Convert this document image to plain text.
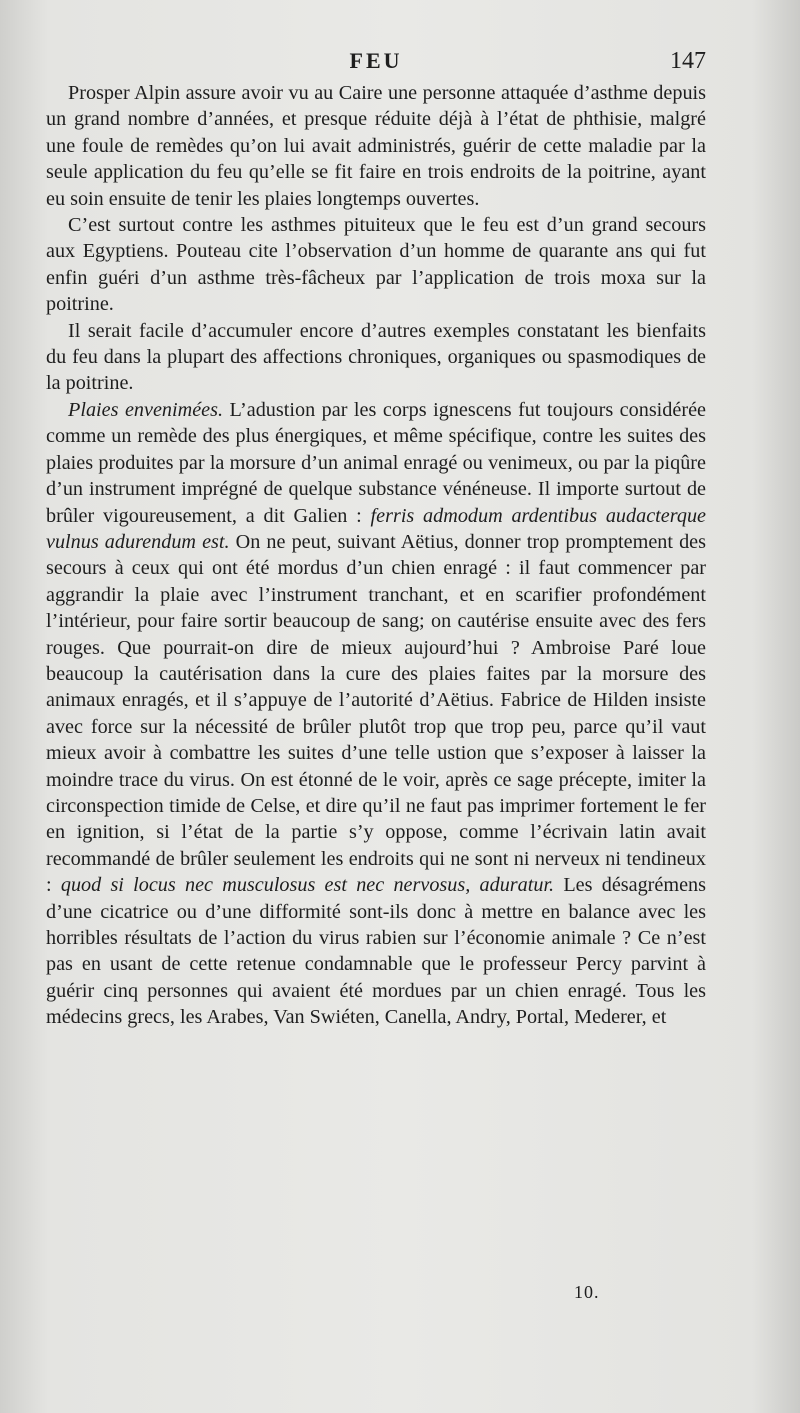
FEU	147

Prosper Alpin assure avoir vu au Caire une personne attaquée d’asthme depuis un grand nombre d’années, et presque réduite déjà à l’état de phthisie, malgré une foule de remèdes qu’on lui avait administrés, guérir de cette maladie par la seule application du feu qu’elle se fit faire en trois endroits de la poitrine, ayant eu soin ensuite de tenir les plaies longtemps ouvertes.

C’est surtout contre les asthmes pituiteux que le feu est d’un grand secours aux Egyptiens. Pouteau cite l’observation d’un homme de quarante ans qui fut enfin guéri d’un asthme très-fâcheux par l’application de trois moxa sur la poitrine.

Il serait facile d’accumuler encore d’autres exemples constatant les bienfaits du feu dans la plupart des affections chroniques, organiques ou spasmodiques de la poitrine.

Plaies envenimées. L’adustion par les corps ignescens fut toujours considérée comme un remède des plus énergiques, et même spécifique, contre les suites des plaies produites par la morsure d’un animal enragé ou venimeux, ou par la piqûre d’un instrument imprégné de quelque substance vénéneuse. Il importe surtout de brûler vigoureusement, a dit Galien : ferris admodum ardentibus audacterque vulnus adurendum est. On ne peut, suivant Aëtius, donner trop promptement des secours à ceux qui ont été mordus d’un chien enragé : il faut commencer par aggrandir la plaie avec l’instrument tranchant, et en scarifier profondément l’intérieur, pour faire sortir beaucoup de sang; on cautérise ensuite avec des fers rouges. Que pourrait-on dire de mieux aujourd’hui ? Ambroise Paré loue beaucoup la cautérisation dans la cure des plaies faites par la morsure des animaux enragés, et il s’appuye de l’autorité d’Aëtius. Fabrice de Hilden insiste avec force sur la nécessité de brûler plutôt trop que trop peu, parce qu’il vaut mieux avoir à combattre les suites d’une telle ustion que s’exposer à laisser la moindre trace du virus. On est étonné de le voir, après ce sage précepte, imiter la circonspection timide de Celse, et dire qu’il ne faut pas imprimer fortement le fer en ignition, si l’état de la partie s’y oppose, comme l’écrivain latin avait recommandé de brûler seulement les endroits qui ne sont ni nerveux ni tendineux : quod si locus nec musculosus est nec nervosus, aduratur. Les désagrémens d’une cicatrice ou d’une difformité sont-ils donc à mettre en balance avec les horribles résultats de l’action du virus rabien sur l’économie animale ? Ce n’est pas en usant de cette retenue condamnable que le professeur Percy parvint à guérir cinq personnes qui avaient été mordues par un chien enragé. Tous les médecins grecs, les Arabes, Van Swiéten, Canella, Andry, Portal, Mederer, et

10.
